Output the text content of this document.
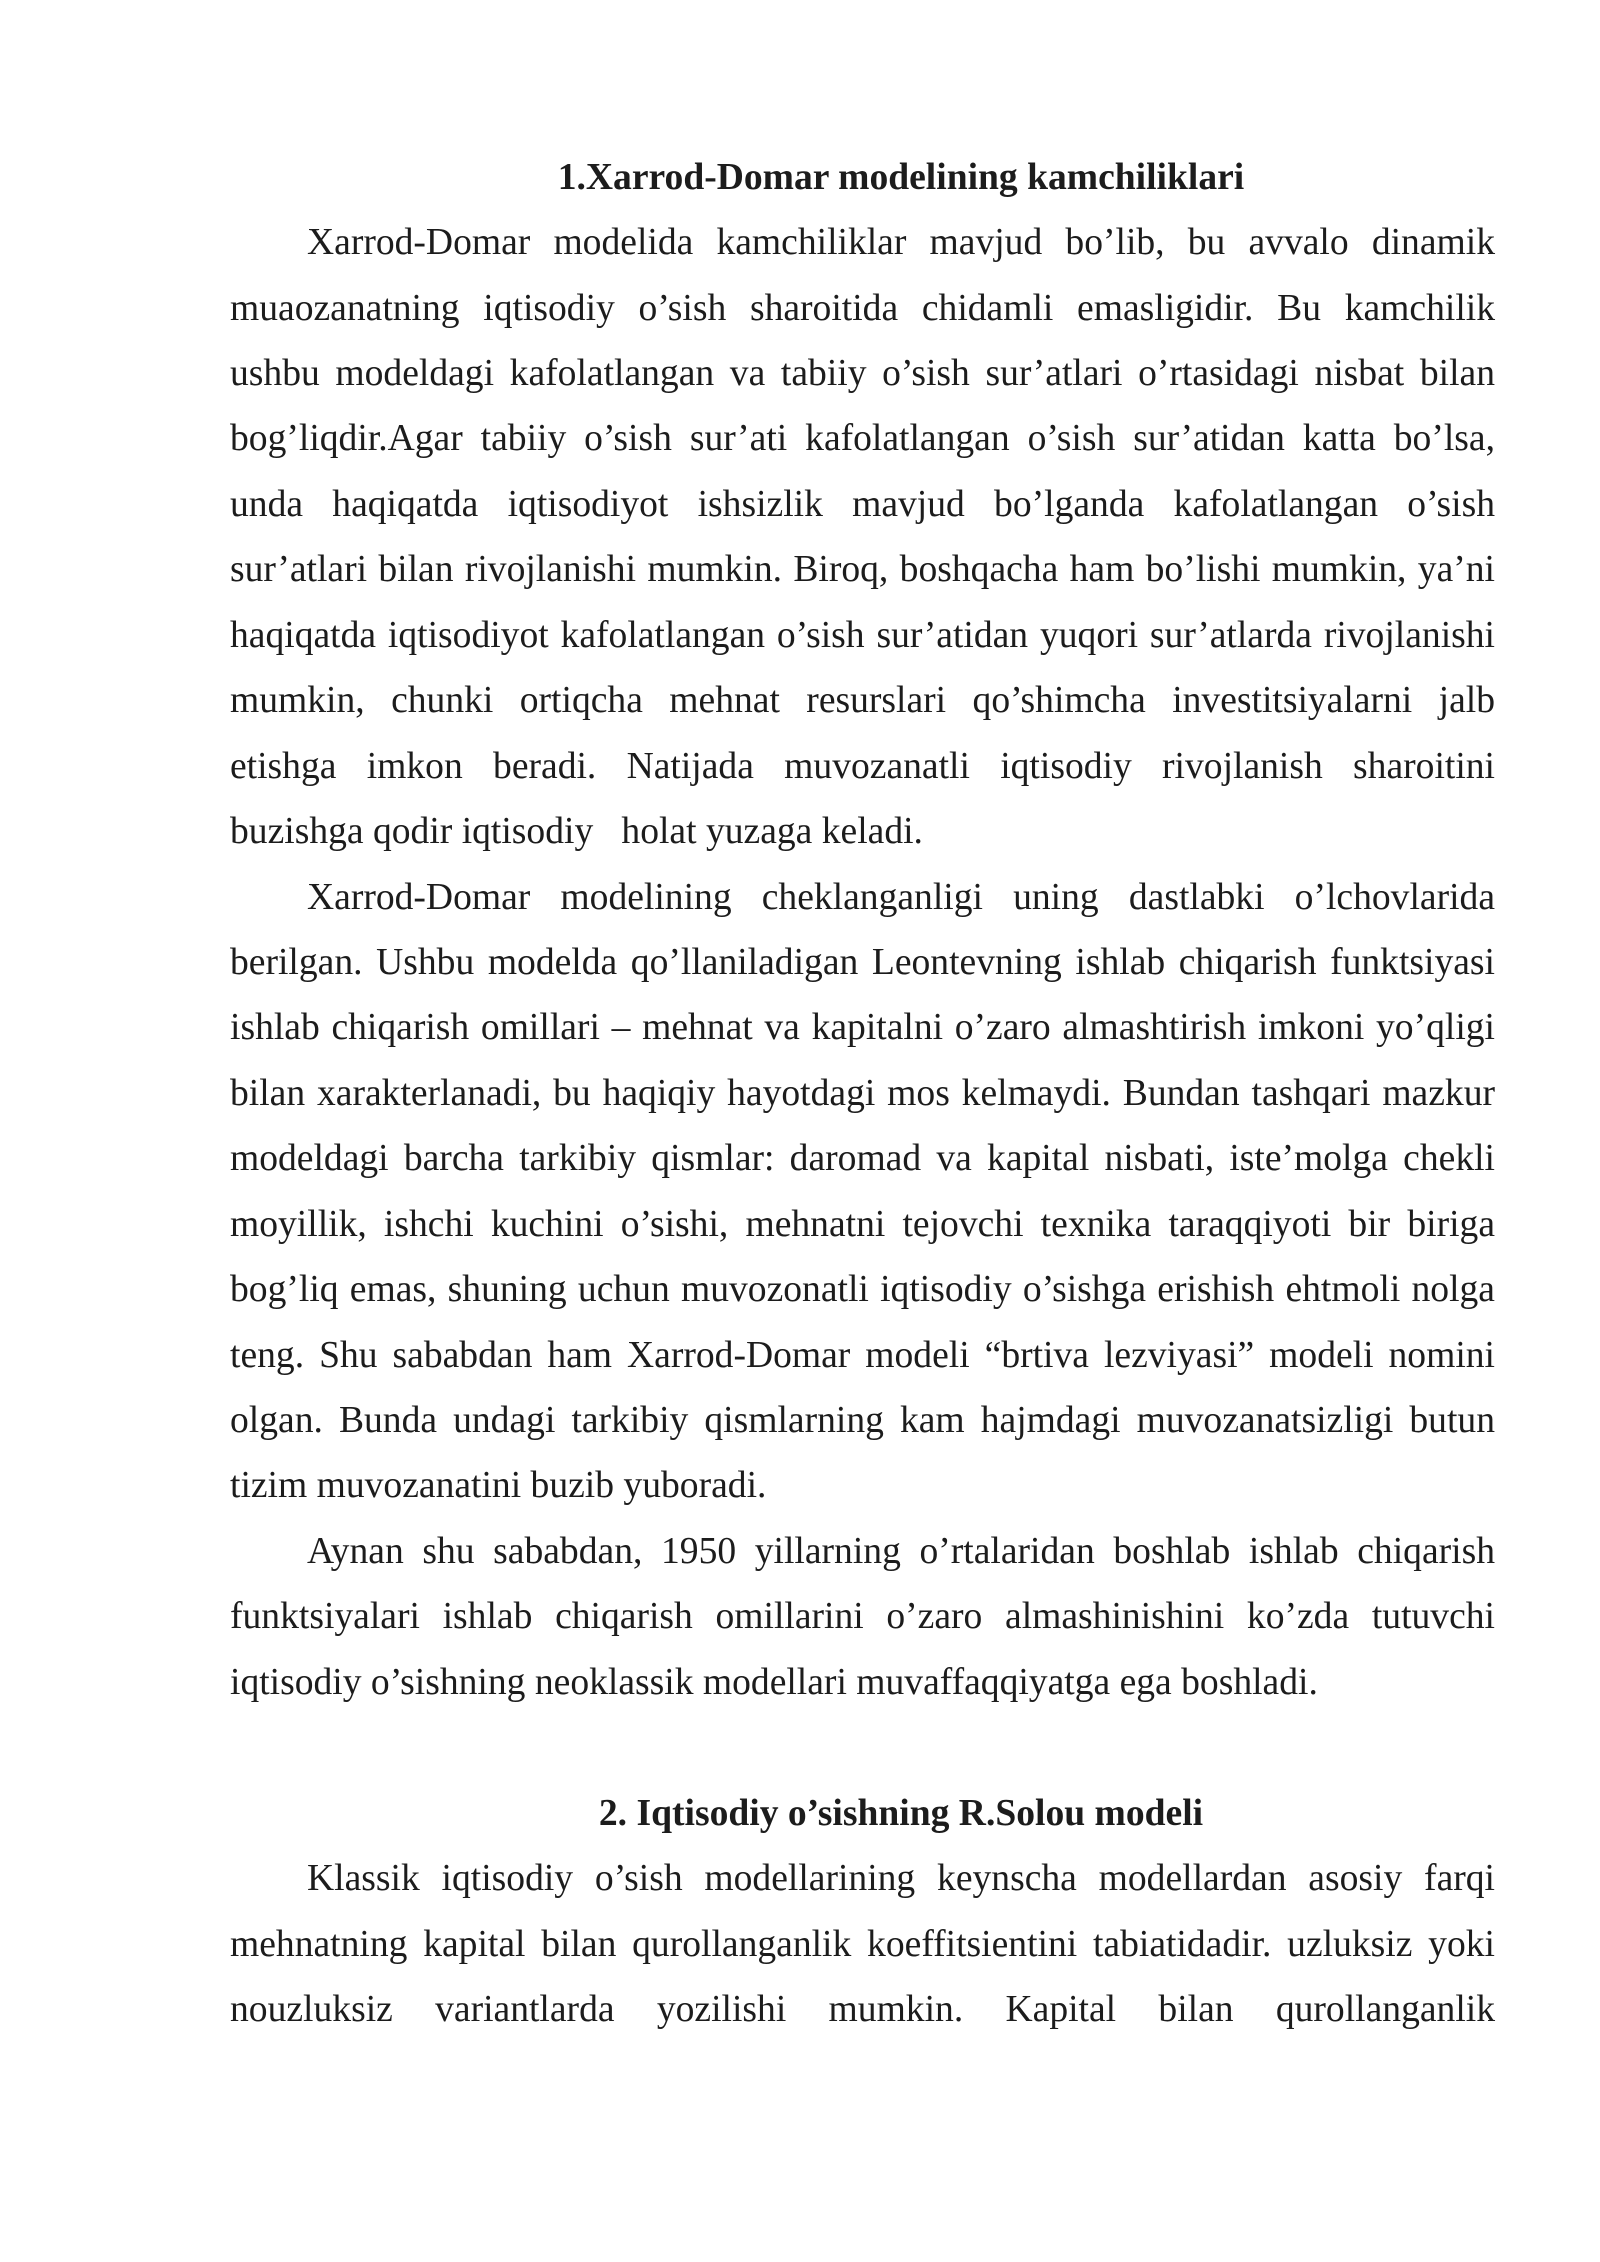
1.Xarrod-Domar modelining kamchiliklari
Xarrod-Domar modelida kamchiliklar mavjud bo’lib, bu avvalo dinamik
muaozanatning iqtisodiy o’sish sharoitida chidamli emasligidir. Bu kamchilik
ushbu modeldagi kafolatlangan va tabiiy o’sish sur’atlari o’rtasidagi nisbat bilan
bog’liqdir.Agar tabiiy o’sish sur’ati kafolatlangan o’sish sur’atidan katta bo’lsa,
unda haqiqatda iqtisodiyot ishsizlik mavjud bo’lganda kafolatlangan o’sish
sur’atlari bilan rivojlanishi mumkin. Biroq, boshqacha ham bo’lishi mumkin, ya’ni
haqiqatda iqtisodiyot kafolatlangan o’sish sur’atidan yuqori sur’atlarda rivojlanishi
mumkin, chunki ortiqcha mehnat resurslari qo’shimcha investitsiyalarni jalb
etishga imkon beradi. Natijada muvozanatli iqtisodiy rivojlanish sharoitini
buzishga qodir iqtisodiy   holat yuzaga keladi.
Xarrod-Domar modelining cheklanganligi uning dastlabki o’lchovlarida
berilgan. Ushbu modelda qo’llaniladigan Leontevning ishlab chiqarish funktsiyasi
ishlab chiqarish omillari – mehnat va kapitalni o’zaro almashtirish imkoni yo’qligi
bilan xarakterlanadi, bu haqiqiy hayotdagi mos kelmaydi. Bundan tashqari mazkur
modeldagi barcha tarkibiy qismlar: daromad va kapital nisbati, iste’molga chekli
moyillik, ishchi kuchini o’sishi, mehnatni tejovchi texnika taraqqiyoti bir biriga
bog’liq emas, shuning uchun muvozonatli iqtisodiy o’sishga erishish ehtmoli nolga
teng. Shu sababdan ham Xarrod-Domar modeli “brtiva lezviyasi” modeli nomini
olgan. Bunda undagi tarkibiy qismlarning kam hajmdagi muvozanatsizligi butun
tizim muvozanatini buzib yuboradi.
Aynan shu sababdan, 1950 yillarning o’rtalaridan boshlab ishlab chiqarish
funktsiyalari ishlab chiqarish omillarini o’zaro almashinishini ko’zda tutuvchi
iqtisodiy o’sishning neoklassik modellari muvaffaqqiyatga ega boshladi.
2. Iqtisodiy o’sishning R.Solou modeli
Klassik iqtisodiy o’sish modellarining keynscha modellardan asosiy farqi
mehnatning kapital bilan qurollanganlik koeffitsientini tabiatidadir. uzluksiz yoki
nouzluksiz variantlarda yozilishi mumkin. Kapital bilan qurollanganlik
